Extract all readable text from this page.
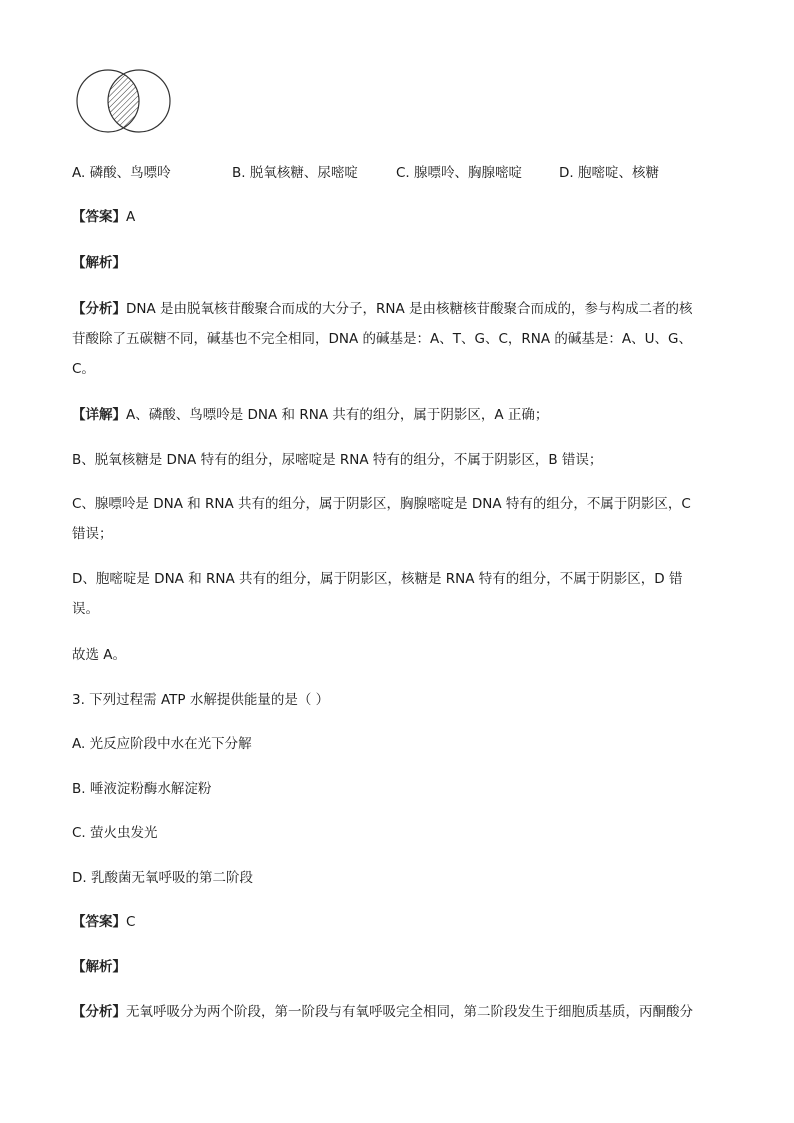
A. 磷酸、鸟嘌呤	B. 脱氧核糖、尿嘧啶	C. 腺嘌呤、胸腺嘧啶	D. 胞嘧啶、核糖
【答案】A
【解析】
【分析】DNA 是由脱氧核苷酸聚合而成的大分子，RNA 是由核糖核苷酸聚合而成的，参与构成二者的核
苷酸除了五碳糖不同，碱基也不完全相同，DNA 的碱基是：A、T、G、C，RNA 的碱基是：A、U、G、
C。
【详解】A、磷酸、鸟嘌呤是 DNA 和 RNA 共有的组分，属于阴影区，A 正确；
B、脱氧核糖是 DNA 特有的组分，尿嘧啶是 RNA 特有的组分，不属于阴影区，B 错误；
C、腺嘌呤是 DNA 和 RNA 共有的组分，属于阴影区，胸腺嘧啶是 DNA 特有的组分，不属于阴影区，C
错误；
D、胞嘧啶是 DNA 和 RNA 共有的组分，属于阴影区，核糖是 RNA 特有的组分，不属于阴影区，D 错
误。
故选 A。
3. 下列过程需 ATP 水解提供能量的是（ ）
A. 光反应阶段中水在光下分解
B. 唾液淀粉酶水解淀粉
C. 萤火虫发光
D. 乳酸菌无氧呼吸的第二阶段
【答案】C
【解析】
【分析】无氧呼吸分为两个阶段，第一阶段与有氧呼吸完全相同，第二阶段发生于细胞质基质，丙酮酸分
